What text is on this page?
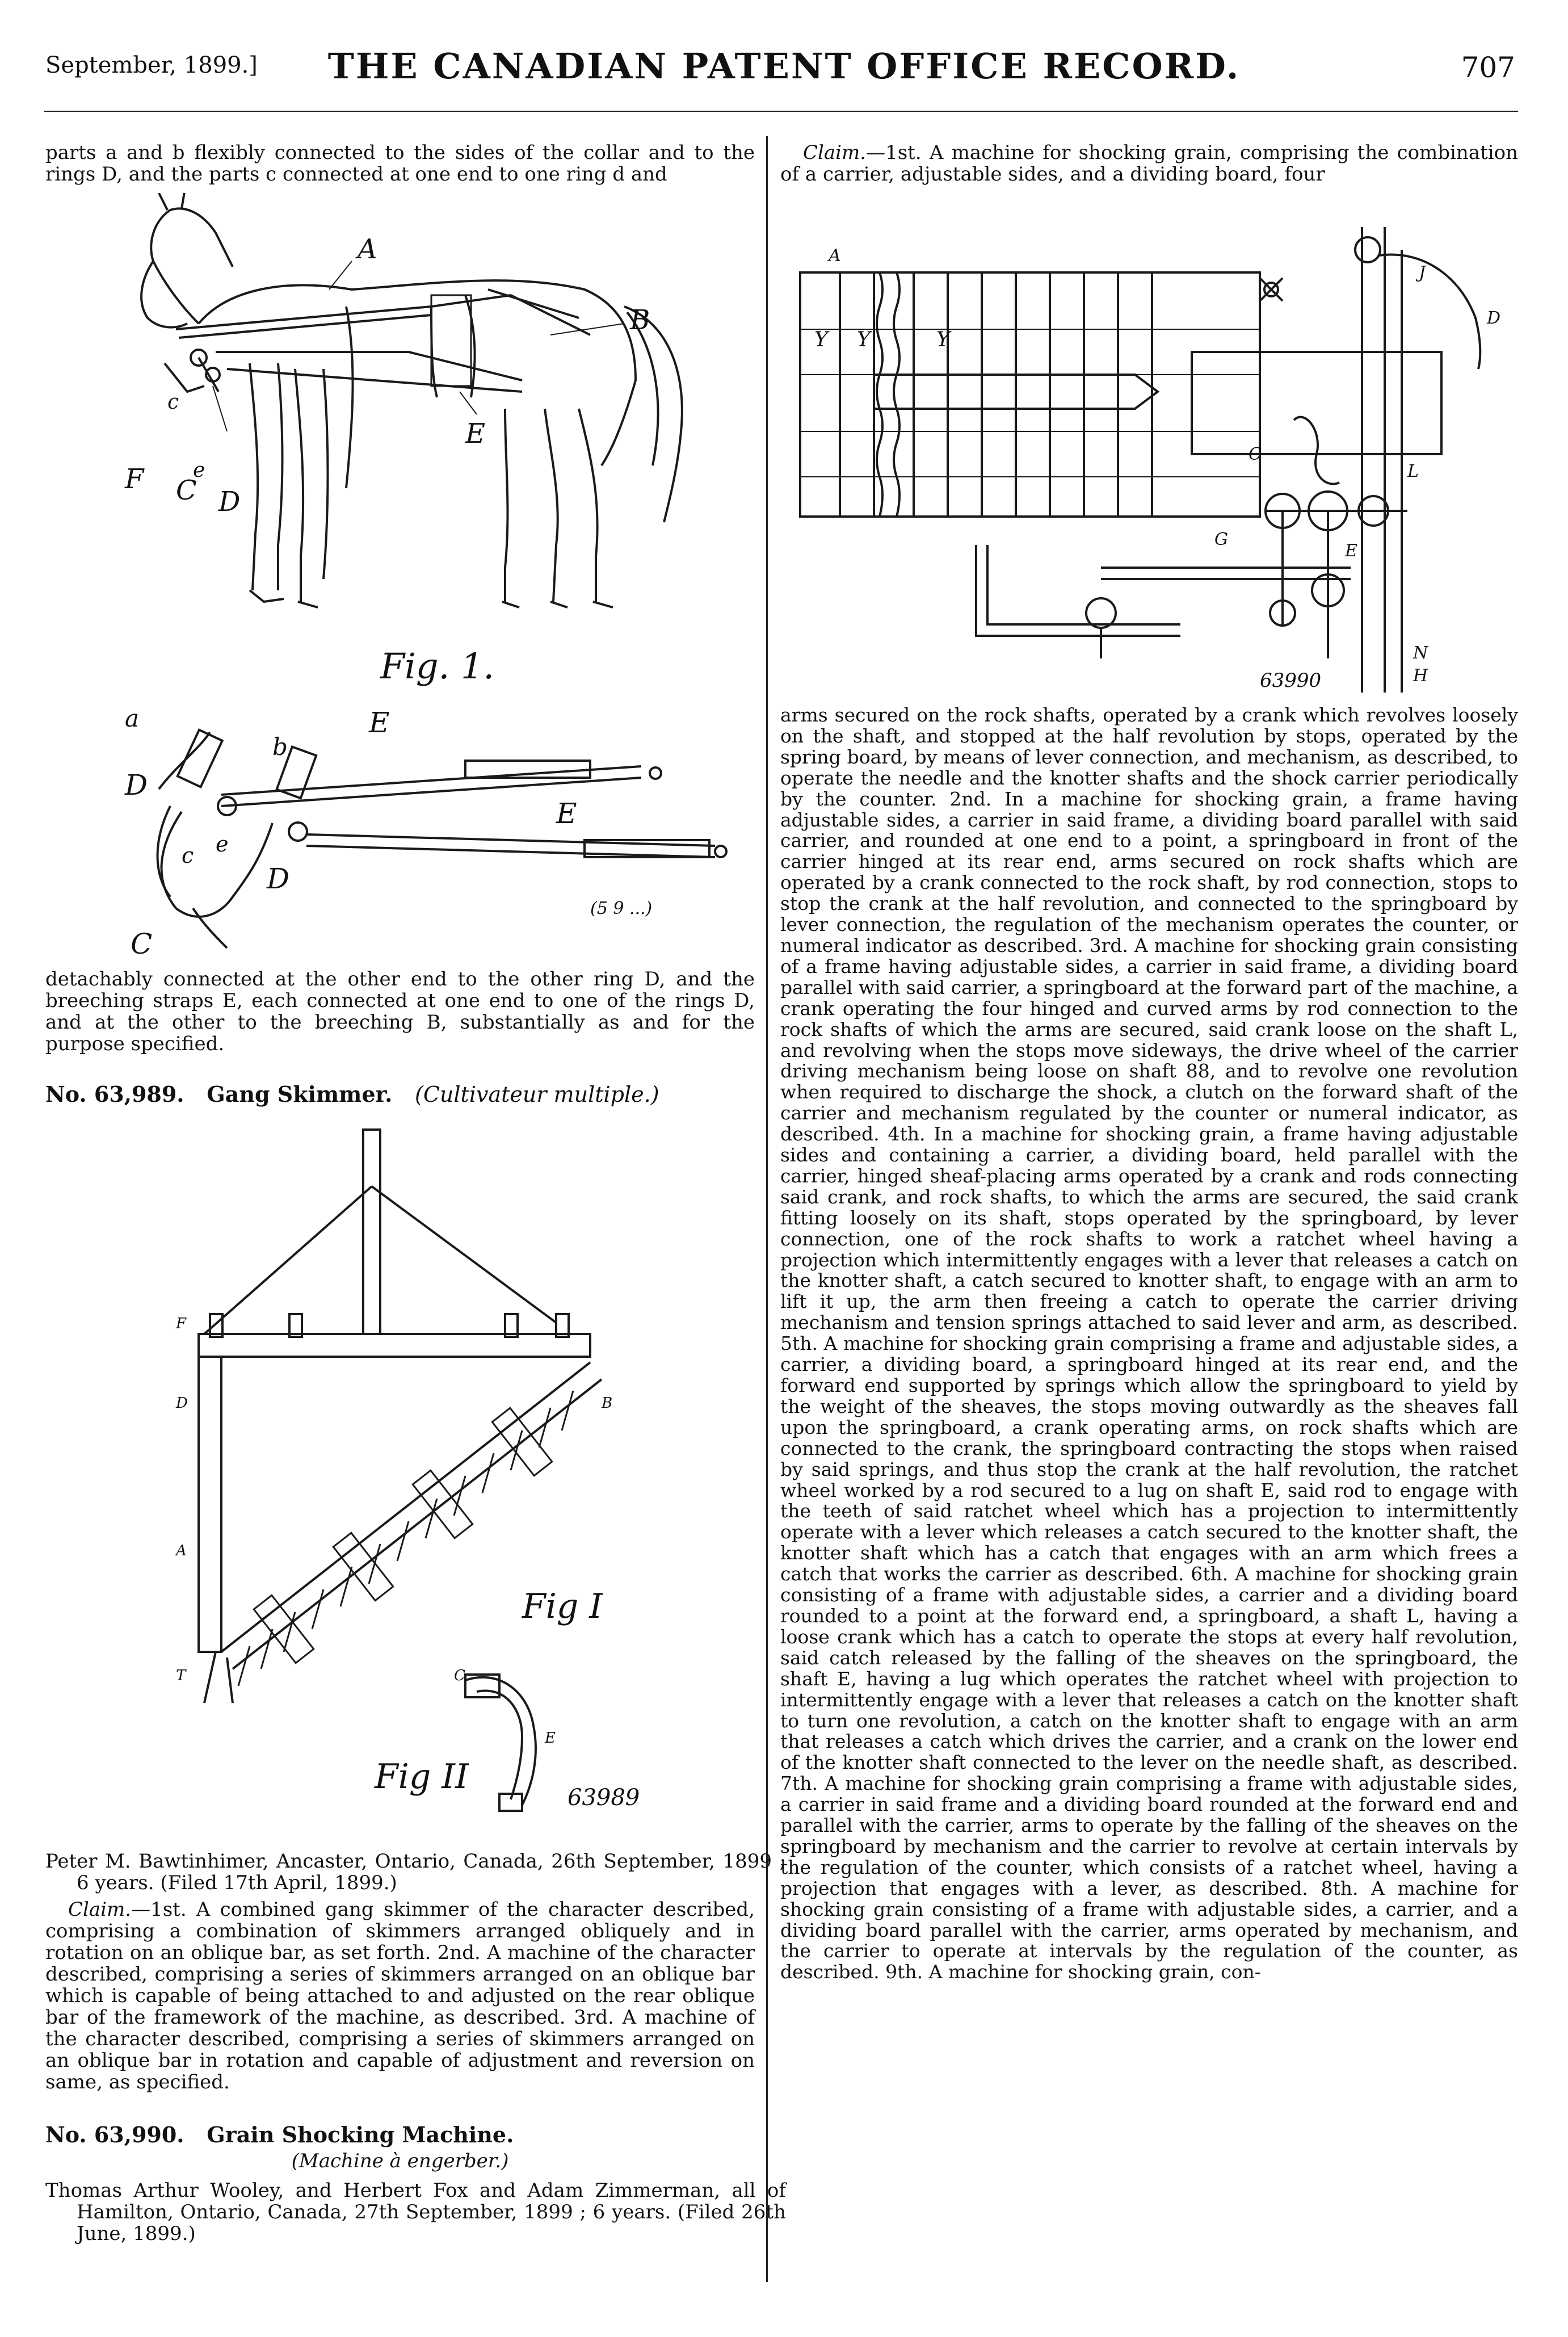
September, 1899.]	THE CANADIAN PATENT OFFICE RECORD.	707
parts a and b flexibly connected to the sides of the collar and to the rings D, and the parts c connected at one end to one ring d and
A
B
E
F C D
e
c
Fig. 1.
a
b
D
D
E
E
e
c
C
(5 9 ...)
detachably connected at the other end to the other ring D, and the breeching straps E, each connected at one end to one of the rings D, and at the other to the breeching B, substantially as and for the purpose specified.
No. 63,989. Gang Skimmer. (Cultivateur multiple.)
Fig I
Fig II
63989
F
D	B
T	C
E
A
Peter M. Bawtinhimer, Ancaster, Ontario, Canada, 26th September, 1899 ; 6 years. (Filed 17th April, 1899.)
Claim.—1st. A combined gang skimmer of the character described, comprising a combination of skimmers arranged obliquely and in rotation on an oblique bar, as set forth. 2nd. A machine of the character described, comprising a series of skimmers arranged on an oblique bar which is capable of being attached to and adjusted on the rear oblique bar of the framework of the machine, as described. 3rd. A machine of the character described, comprising a series of skimmers arranged on an oblique bar in rotation and capable of adjustment and reversion on same, as specified.
No. 63,990. Grain Shocking Machine.
(Machine à engerber.)
Thomas Arthur Wooley, and Herbert Fox and Adam Zimmerman, all of Hamilton, Ontario, Canada, 27th September, 1899 ; 6 years. (Filed 26th June, 1899.)
Claim.—1st. A machine for shocking grain, comprising the combination of a carrier, adjustable sides, and a dividing board, four
A
Y Y	Y
J
D
L
N
H
E
G
C
63990
arms secured on the rock shafts, operated by a crank which revolves loosely on the shaft, and stopped at the half revolution by stops, operated by the spring board, by means of lever connection, and mechanism, as described, to operate the needle and the knotter shafts and the shock carrier periodically by the counter. 2nd. In a machine for shocking grain, a frame having adjustable sides, a carrier in said frame, a dividing board parallel with said carrier, and rounded at one end to a point, a springboard in front of the carrier hinged at its rear end, arms secured on rock shafts which are operated by a crank connected to the rock shaft, by rod connection, stops to stop the crank at the half revolution, and connected to the springboard by lever connection, the regulation of the mechanism operates the counter, or numeral indicator as described. 3rd. A machine for shocking grain consisting of a frame having adjustable sides, a carrier in said frame, a dividing board parallel with said carrier, a springboard at the forward part of the machine, a crank operating the four hinged and curved arms by rod connection to the rock shafts of which the arms are secured, said crank loose on the shaft L, and revolving when the stops move sideways, the drive wheel of the carrier driving mechanism being loose on shaft 88, and to revolve one revolution when required to discharge the shock, a clutch on the forward shaft of the carrier and mechanism regulated by the counter or numeral indicator, as described. 4th. In a machine for shocking grain, a frame having adjustable sides and containing a carrier, a dividing board, held parallel with the carrier, hinged sheaf-placing arms operated by a crank and rods connecting said crank, and rock shafts, to which the arms are secured, the said crank fitting loosely on its shaft, stops operated by the springboard, by lever connection, one of the rock shafts to work a ratchet wheel having a projection which intermittently engages with a lever that releases a catch on the knotter shaft, a catch secured to knotter shaft, to engage with an arm to lift it up, the arm then freeing a catch to operate the carrier driving mechanism and tension springs attached to said lever and arm, as described. 5th. A machine for shocking grain comprising a frame and adjustable sides, a carrier, a dividing board, a springboard hinged at its rear end, and the forward end supported by springs which allow the springboard to yield by the weight of the sheaves, the stops moving outwardly as the sheaves fall upon the springboard, a crank operating arms, on rock shafts which are connected to the crank, the springboard contracting the stops when raised by said springs, and thus stop the crank at the half revolution, the ratchet wheel worked by a rod secured to a lug on shaft E, said rod to engage with the teeth of said ratchet wheel which has a projection to intermittently operate with a lever which releases a catch secured to the knotter shaft, the knotter shaft which has a catch that engages with an arm which frees a catch that works the carrier as described. 6th. A machine for shocking grain consisting of a frame with adjustable sides, a carrier and a dividing board rounded to a point at the forward end, a springboard, a shaft L, having a loose crank which has a catch to operate the stops at every half revolution, said catch released by the falling of the sheaves on the springboard, the shaft E, having a lug which operates the ratchet wheel with projection to intermittently engage with a lever that releases a catch on the knotter shaft to turn one revolution, a catch on the knotter shaft to engage with an arm that releases a catch which drives the carrier, and a crank on the lower end of the knotter shaft connected to the lever on the needle shaft, as described. 7th. A machine for shocking grain comprising a frame with adjustable sides, a carrier in said frame and a dividing board rounded at the forward end and parallel with the carrier, arms to operate by the falling of the sheaves on the springboard by mechanism and the carrier to revolve at certain intervals by the regulation of the counter, which consists of a ratchet wheel, having a projection that engages with a lever, as described. 8th. A machine for shocking grain consisting of a frame with adjustable sides, a carrier, and a dividing board parallel with the carrier, arms operated by mechanism, and the carrier to operate at intervals by the regulation of the counter, as described. 9th. A machine for shocking grain, con-
